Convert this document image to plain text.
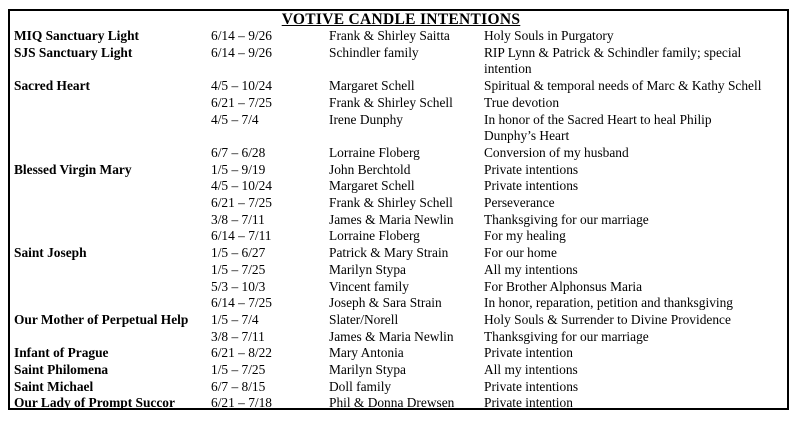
VOTIVE CANDLE INTENTIONS
MIQ Sanctuary Light	6/14 – 9/26	Frank & Shirley Saitta	Holy Souls in Purgatory
SJS Sanctuary Light	6/14 – 9/26	Schindler family	RIP Lynn & Patrick & Schindler family; special intention
Sacred Heart	4/5 – 10/24	Margaret Schell	Spiritual & temporal needs of Marc & Kathy Schell
	6/21 – 7/25	Frank & Shirley Schell	True devotion
	4/5 – 7/4	Irene Dunphy	In honor of the Sacred Heart to heal Philip Dunphy’s Heart
	6/7 – 6/28	Lorraine Floberg	Conversion of my husband
Blessed Virgin Mary	1/5 – 9/19	John Berchtold	Private intentions
	4/5 – 10/24	Margaret Schell	Private intentions
	6/21 – 7/25	Frank & Shirley Schell	Perseverance
	3/8 – 7/11	James & Maria Newlin	Thanksgiving for our marriage
	6/14 – 7/11	Lorraine Floberg	For my healing
Saint Joseph	1/5 – 6/27	Patrick & Mary Strain	For our home
	1/5 – 7/25	Marilyn Stypa	All my intentions
	5/3 – 10/3	Vincent family	For Brother Alphonsus Maria
	6/14 – 7/25	Joseph & Sara Strain	In honor, reparation, petition and thanksgiving
Our Mother of Perpetual Help	1/5 – 7/4	Slater/Norell	Holy Souls & Surrender to Divine Providence
	3/8 – 7/11	James & Maria Newlin	Thanksgiving for our marriage
Infant of Prague	6/21 – 8/22	Mary Antonia	Private intention
Saint Philomena	1/5 – 7/25	Marilyn Stypa	All my intentions
Saint Michael	6/7 – 8/15	Doll family	Private intentions
Our Lady of Prompt Succor	6/21 – 7/18	Phil & Donna Drewsen	Private intention
